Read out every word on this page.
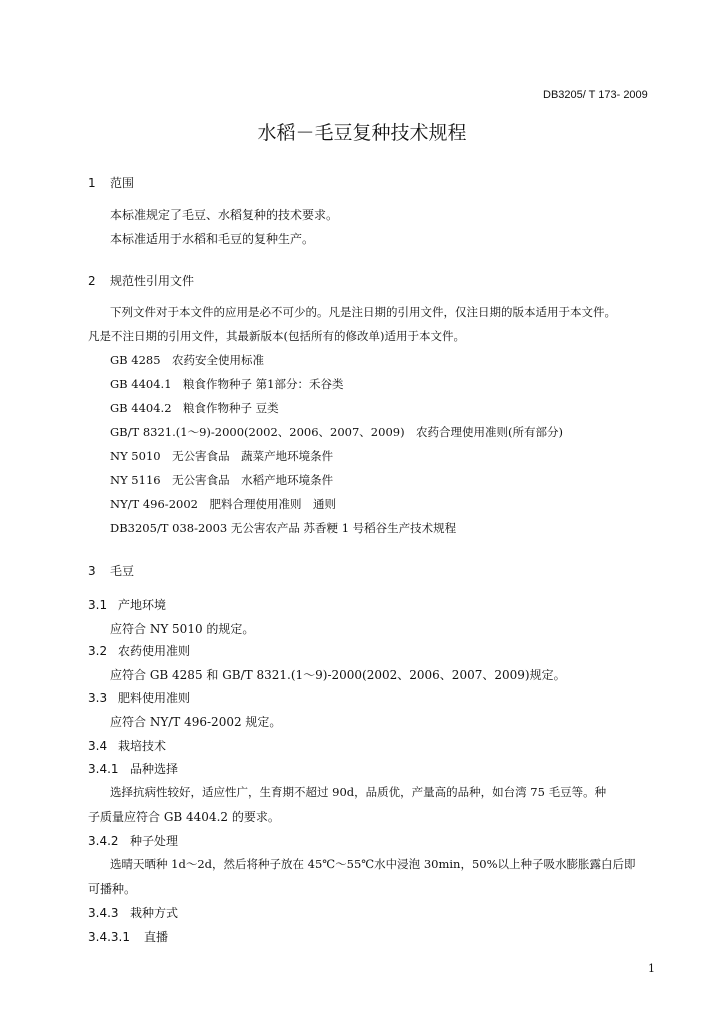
DB3205/ T 173- 2009
水稻－毛豆复种技术规程
1 范围
本标准规定了毛豆、水稻复种的技术要求。
本标准适用于水稻和毛豆的复种生产。
2 规范性引用文件
下列文件对于本文件的应用是必不可少的。凡是注日期的引用文件，仅注日期的版本适用于本文件。
凡是不注日期的引用文件，其最新版本(包括所有的修改单)适用于本文件。
GB 4285　农药安全使用标准
GB 4404.1　粮食作物种子 第1部分：禾谷类
GB 4404.2　粮食作物种子 豆类
GB/T 8321.(1～9)-2000(2002、2006、2007、2009)　农药合理使用准则(所有部分)
NY 5010　无公害食品　蔬菜产地环境条件
NY 5116　无公害食品　水稻产地环境条件
NY/T 496-2002　肥料合理使用准则　通则
DB3205/T 038-2003 无公害农产品 苏香粳 1 号稻谷生产技术规程
3 毛豆
3.1 产地环境
应符合 NY 5010 的规定。
3.2 农药使用准则
应符合 GB 4285 和 GB/T 8321.(1～9)-2000(2002、2006、2007、2009)规定。
3.3 肥料使用准则
应符合 NY/T 496-2002 规定。
3.4 栽培技术
3.4.1 品种选择
选择抗病性较好，适应性广，生育期不超过 90d，品质优，产量高的品种，如台湾 75 毛豆等。种
子质量应符合 GB 4404.2 的要求。
3.4.2 种子处理
选晴天晒种 1d～2d，然后将种子放在 45℃～55℃水中浸泡 30min，50%以上种子吸水膨胀露白后即
可播种。
3.4.3 栽种方式
3.4.3.1 直播
1
